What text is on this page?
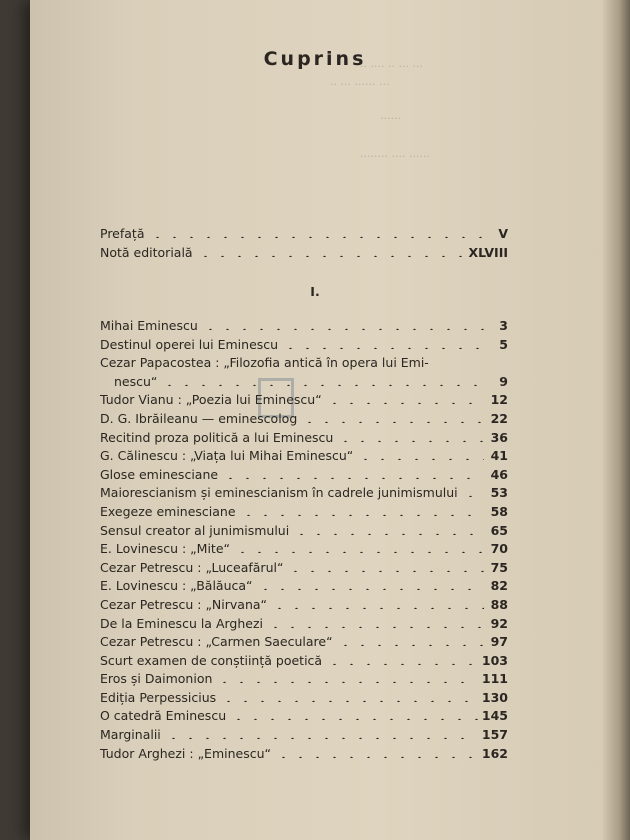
··· ··· ·· ···· ··
··· ······ ··· ··
······
······ ···· ········
Cuprins
Prefață	V
Notă editorială	XLVIII
I.
Mihai Eminescu	3
Destinul operei lui Eminescu	5
Cezar Papacostea : „Filozofia antică în opera lui Emi-
nescu“	9
Tudor Vianu : „Poezia lui Eminescu“	12
D. G. Ibrăileanu — eminescolog	22
Recitind proza politică a lui Eminescu	36
G. Călinescu : „Viața lui Mihai Eminescu“	41
Glose eminesciane	46
Maiorescianism și eminescianism în cadrele junimismului	53
Exegeze eminesciane	58
Sensul creator al junimismului	65
E. Lovinescu : „Mite“	70
Cezar Petrescu : „Luceafărul“	75
E. Lovinescu : „Bălăuca“	82
Cezar Petrescu : „Nirvana“	88
De la Eminescu la Arghezi	92
Cezar Petrescu : „Carmen Saeculare“	97
Scurt examen de conștiință poetică	103
Eros și Daimonion	111
Ediția Perpessicius	130
O catedră Eminescu	145
Marginalii	157
Tudor Arghezi : „Eminescu“	162
